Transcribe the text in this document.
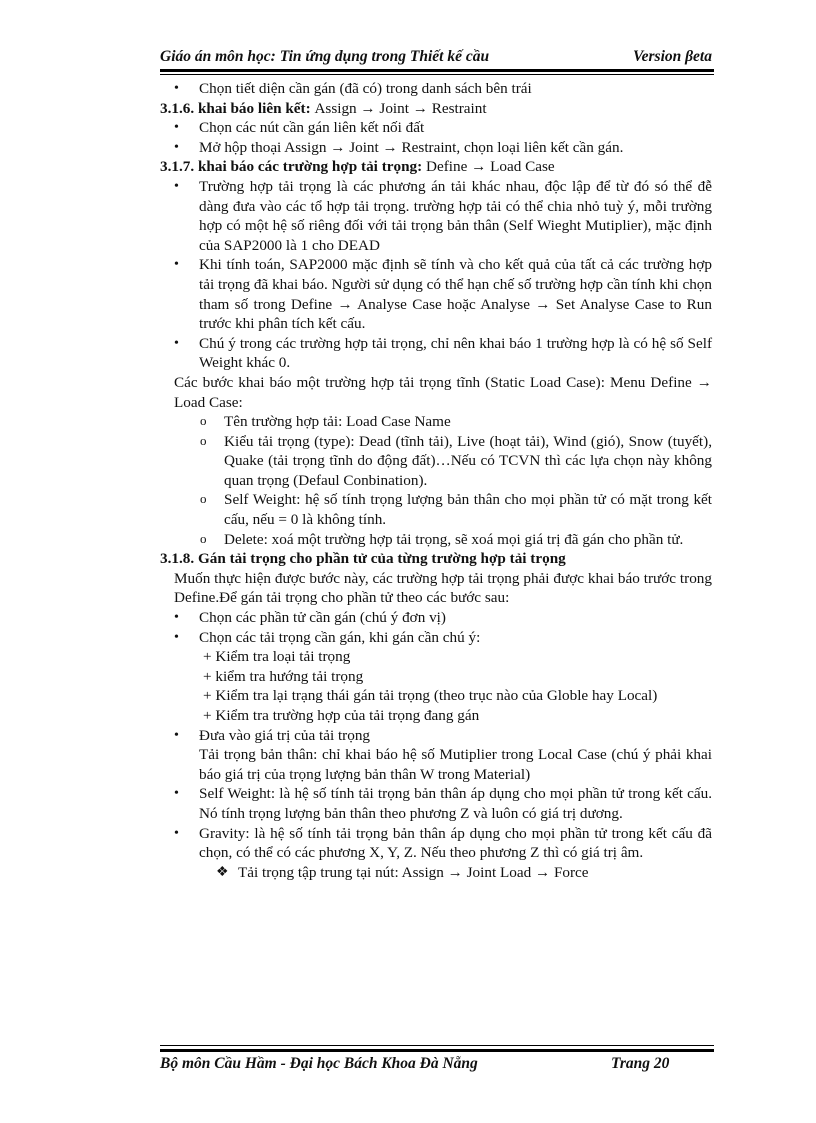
Giáo án môn học: Tin ứng dụng trong Thiết kế cầu	Version βeta

• Chọn tiết diện cần gán (đã có) trong danh sách bên trái

3.1.6. khai báo liên kết: Assign → Joint → Restraint

• Chọn các nút cần gán liên kết nối đất

• Mở hộp thoại Assign → Joint → Restraint, chọn loại liên kết cần gán.

3.1.7. khai báo các trường hợp tải trọng: Define → Load Case

• Trường hợp tải trọng là các phương án tải khác nhau, độc lập để từ đó só thể đễ dàng đưa vào các tổ hợp tải trọng. trường hợp tải có thể chia nhỏ tuỳ ý, mỗi trường hợp có một hệ số riêng đối với tải trọng bản thân (Self Wieght Mutiplier), mặc định của SAP2000 là 1 cho DEAD

• Khi tính toán, SAP2000 mặc định sẽ tính và cho kết quả của tất cả các trường hợp tải trọng đã khai báo. Người sử dụng có thể hạn chế số trường hợp cần tính khi chọn tham số trong Define → Analyse Case hoặc Analyse → Set Analyse Case to Run trước khi phân tích kết cấu.

• Chú ý trong các trường hợp tải trọng, chỉ nên khai báo 1 trường hợp là có hệ số Self Weight khác 0.

Các bước khai báo một trường hợp tải trọng tĩnh (Static Load Case): Menu Define → Load Case:

o Tên trường hợp tải: Load Case Name

o Kiểu tải trọng (type): Dead (tĩnh tải), Live (hoạt tải), Wind (gió), Snow (tuyết), Quake (tải trọng tĩnh do động đất)…Nếu có TCVN thì các lựa chọn này không quan trọng (Defaul Conbination).

o Self Weight: hệ số tính trọng lượng bản thân cho mọi phần tử có mặt trong kết cấu, nếu = 0 là không tính.

o Delete: xoá một trường hợp tải trọng, sẽ xoá mọi giá trị đã gán cho phần tử.

3.1.8. Gán tải trọng cho phần tử của từng trường hợp tải trọng

Muốn thực hiện được bước này, các trường hợp tải trọng phải được khai báo trước trong Define.Để gán tải trọng cho phần tử theo các bước sau:

• Chọn các phần tử cần gán (chú ý đơn vị)

• Chọn các tải trọng cần gán, khi gán cần chú ý:

+ Kiểm tra loại tải trọng

+ kiểm tra hướng tải trọng

+ Kiểm tra lại trạng thái gán tải trọng (theo trục nào của Globle hay Local)

+ Kiểm tra trường hợp của tải trọng đang gán

• Đưa vào giá trị của tải trọng

Tải trọng bản thân: chỉ khai báo hệ số Mutiplier trong Local Case (chú ý phải khai báo giá trị của trọng lượng bản thân W trong Material)

• Self Weight: là hệ số tính tải trọng bản thân áp dụng cho mọi phần tử trong kết cấu. Nó tính trọng lượng bản thân theo phương Z và luôn có giá trị dương.

• Gravity: là hệ số tính tải trọng bản thân áp dụng cho mọi phần tử trong kết cấu đã chọn, có thể có các phương X, Y, Z. Nếu theo phương Z thì có giá trị âm.

❖ Tải trọng tập trung tại nút: Assign → Joint Load → Force

Bộ môn Cầu Hầm - Đại học Bách Khoa Đà Nẵng	Trang 20
